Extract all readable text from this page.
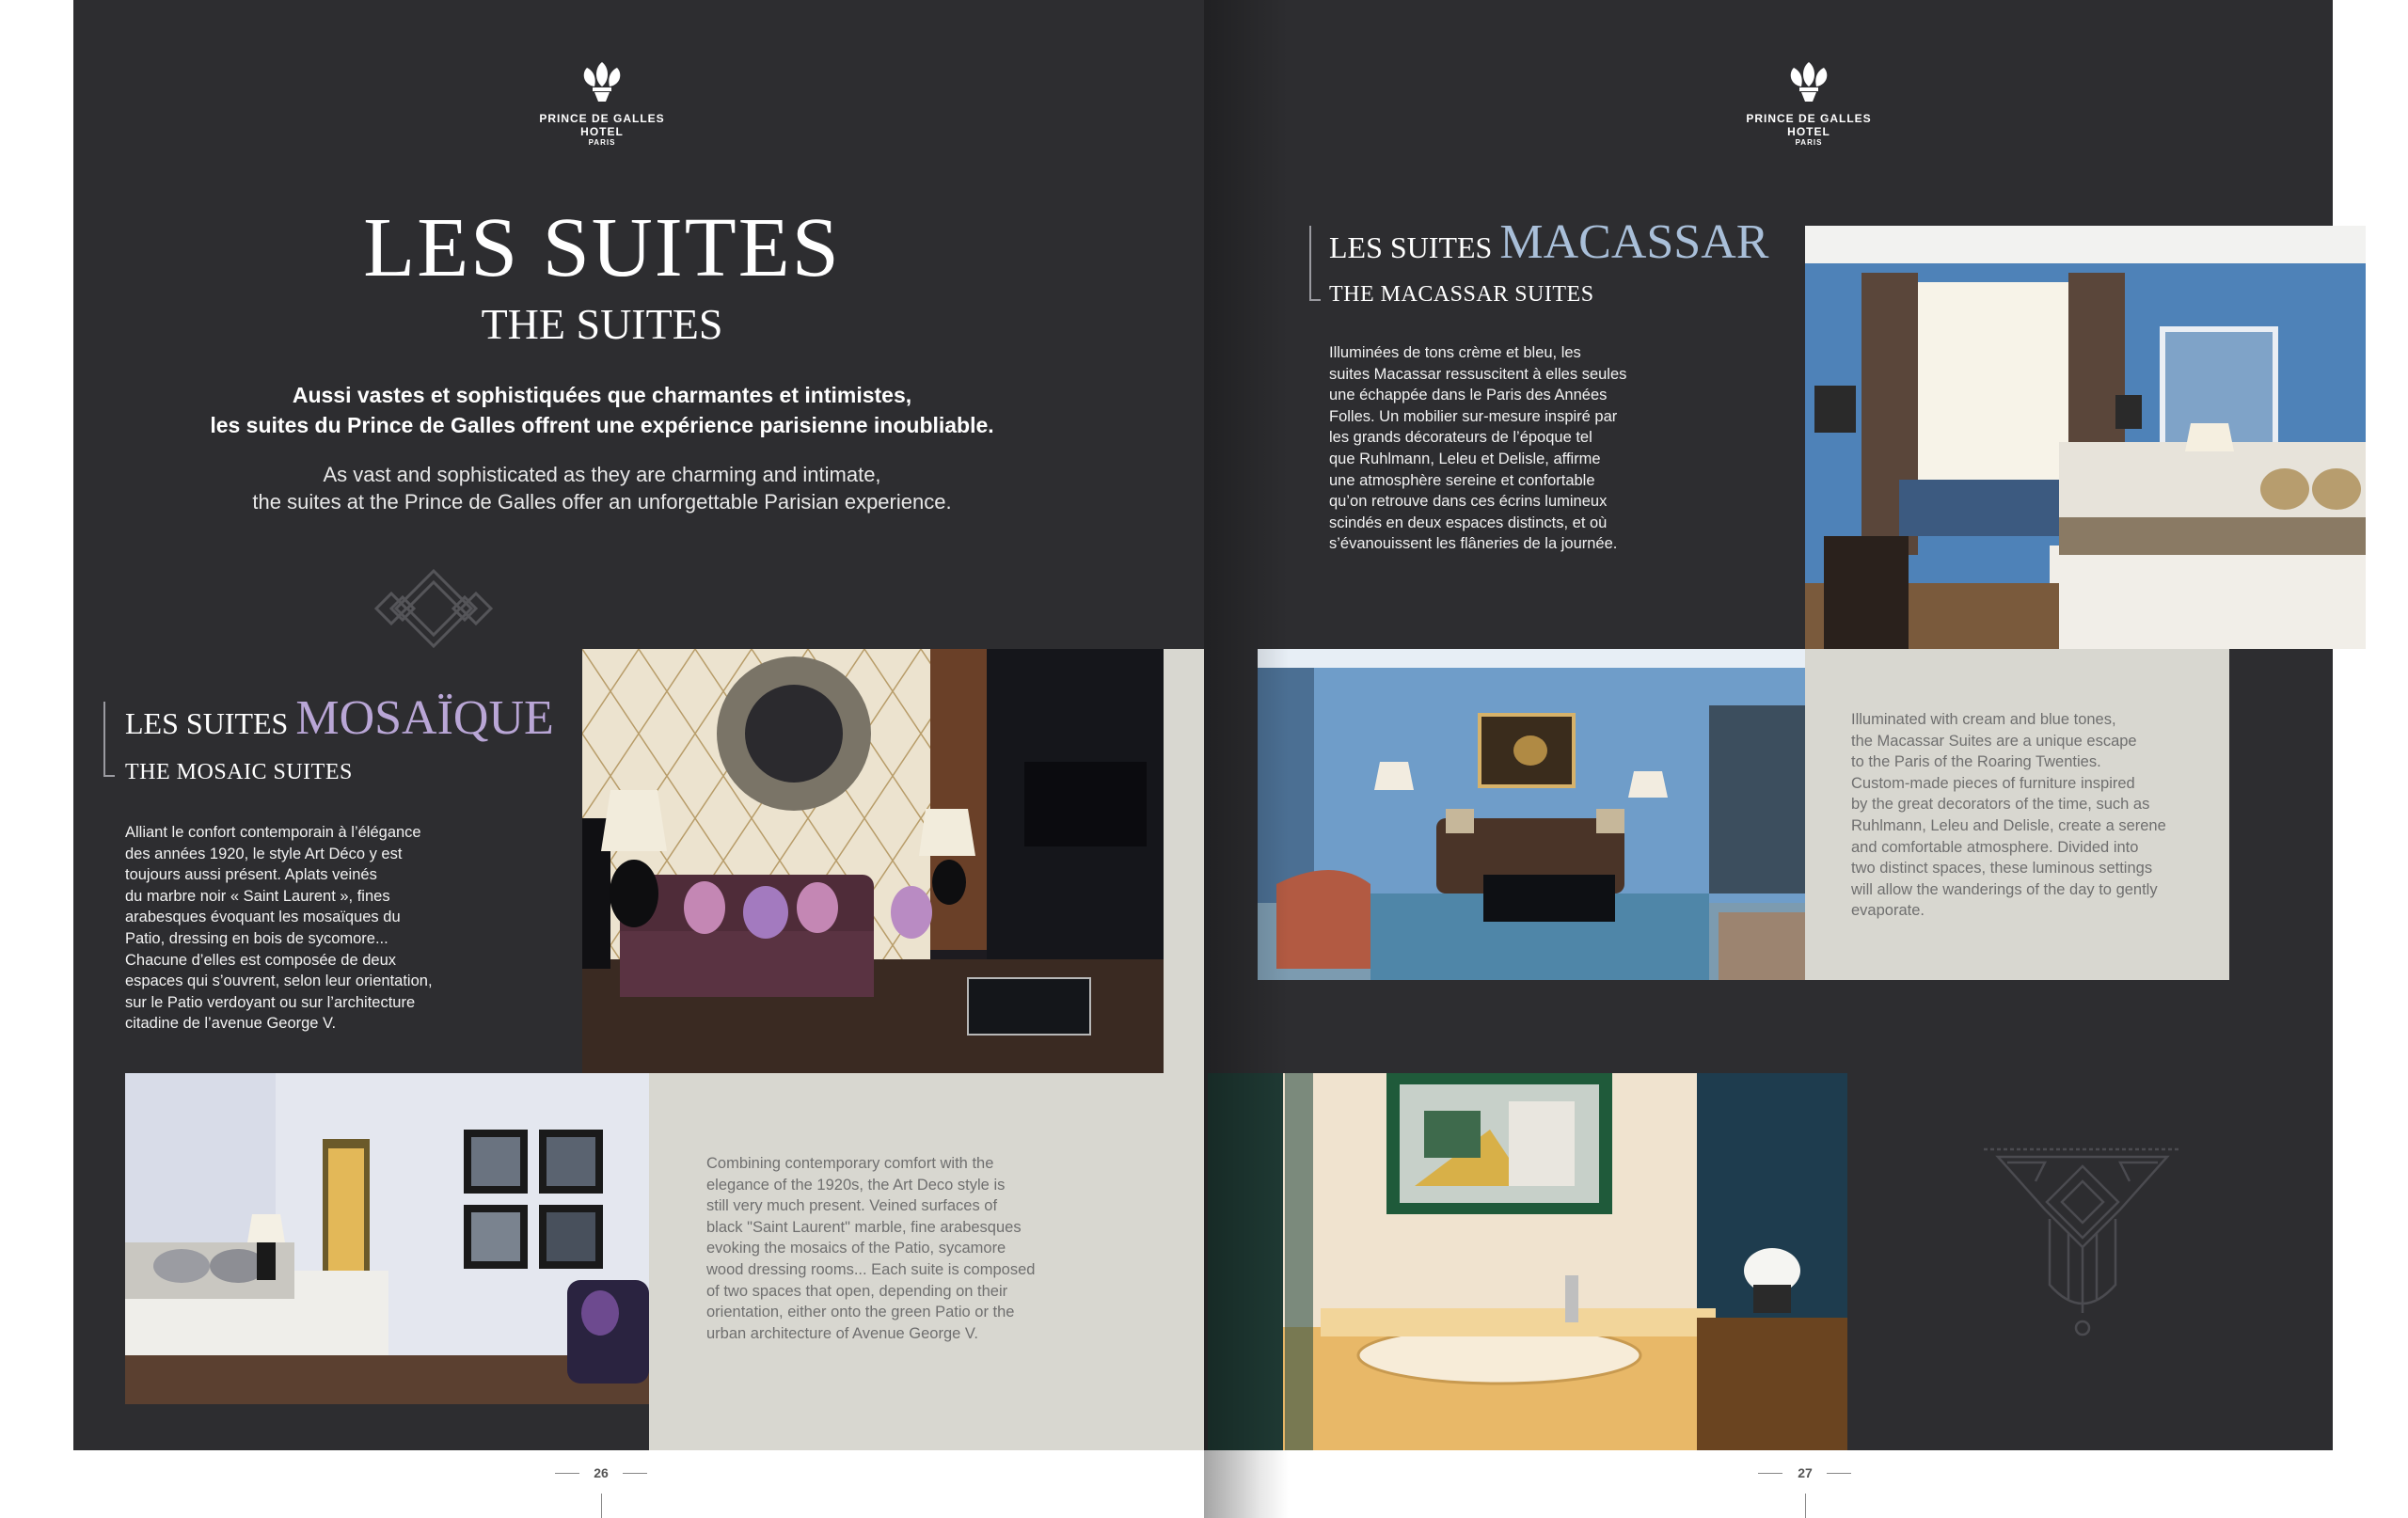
PRINCE DE GALLES
HOTEL
PARIS
PRINCE DE GALLES
HOTEL
PARIS
LES SUITES
THE SUITES
Aussi vastes et sophistiquées que charmantes et intimistes,
les suites du Prince de Galles offrent une expérience parisienne inoubliable.
As vast and sophisticated as they are charming and intimate,
the suites at the Prince de Galles offer an unforgettable Parisian experience.
LES SUITES MOSAÏQUE
THE MOSAIC SUITES
Alliant le confort contemporain à l’élégance
des années 1920, le style Art Déco y est
toujours aussi présent. Aplats veinés
du marbre noir « Saint Laurent », fines
arabesques évoquant les mosaïques du
Patio, dressing en bois de sycomore...
Chacune d’elles est composée de deux
espaces qui s’ouvrent, selon leur orientation,
sur le Patio verdoyant ou sur l’architecture
citadine de l’avenue George V.
Combining contemporary comfort with the
elegance of the 1920s, the Art Deco style is
still very much present. Veined surfaces of
black "Saint Laurent" marble, fine arabesques
evoking the mosaics of the Patio, sycamore
wood dressing rooms... Each suite is composed
of two spaces that open, depending on their
orientation, either onto the green Patio or the
urban architecture of Avenue George V.
26
LES SUITES MACASSAR
THE MACASSAR SUITES
Illuminées de tons crème et bleu, les
suites Macassar ressuscitent à elles seules
une échappée dans le Paris des Années
Folles. Un mobilier sur-mesure inspiré par
les grands décorateurs de l’époque tel
que Ruhlmann, Leleu et Delisle, affirme
une atmosphère sereine et confortable
qu’on retrouve dans ces écrins lumineux
scindés en deux espaces distincts, et où
s’évanouissent les flâneries de la journée.
Illuminated with cream and blue tones,
the Macassar Suites are a unique escape
to the Paris of the Roaring Twenties.
Custom-made pieces of furniture inspired
by the great decorators of the time, such as
Ruhlmann, Leleu and Delisle, create a serene
and comfortable atmosphere. Divided into
two distinct spaces, these luminous settings
will allow the wanderings of the day to gently
evaporate.
27
